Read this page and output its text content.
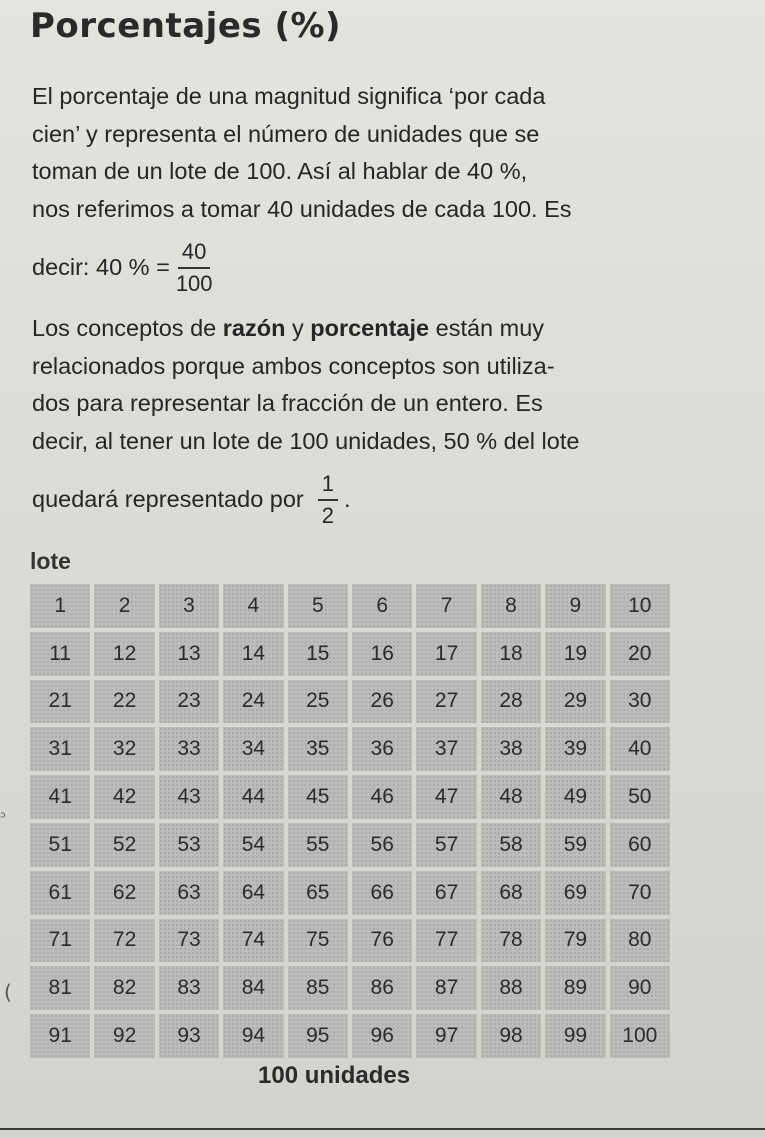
Porcentajes (%)
El porcentaje de una magnitud significa ‘por cada
cien’ y representa el número de unidades que se
toman de un lote de 100. Así al hablar de 40 %,
nos referimos a tomar 40 unidades de cada 100. Es
decir: 40 % = $\frac{40}{100}$
Los conceptos de razón y porcentaje están muy
relacionados porque ambos conceptos son utiliza-
dos para representar la fracción de un entero. Es
decir, al tener un lote de 100 unidades, 50 % del lote
quedará representado por $\frac{1}{2}$ .
lote
1	2	3	4	5	6	7	8	9	10
11	12	13	14	15	16	17	18	19	20
21	22	23	24	25	26	27	28	29	30
31	32	33	34	35	36	37	38	39	40
41	42	43	44	45	46	47	48	49	50
51	52	53	54	55	56	57	58	59	60
61	62	63	64	65	66	67	68	69	70
71	72	73	74	75	76	77	78	79	80
81	82	83	84	85	86	87	88	89	90
91	92	93	94	95	96	97	98	99	100
100 unidades
ᵓ
(
